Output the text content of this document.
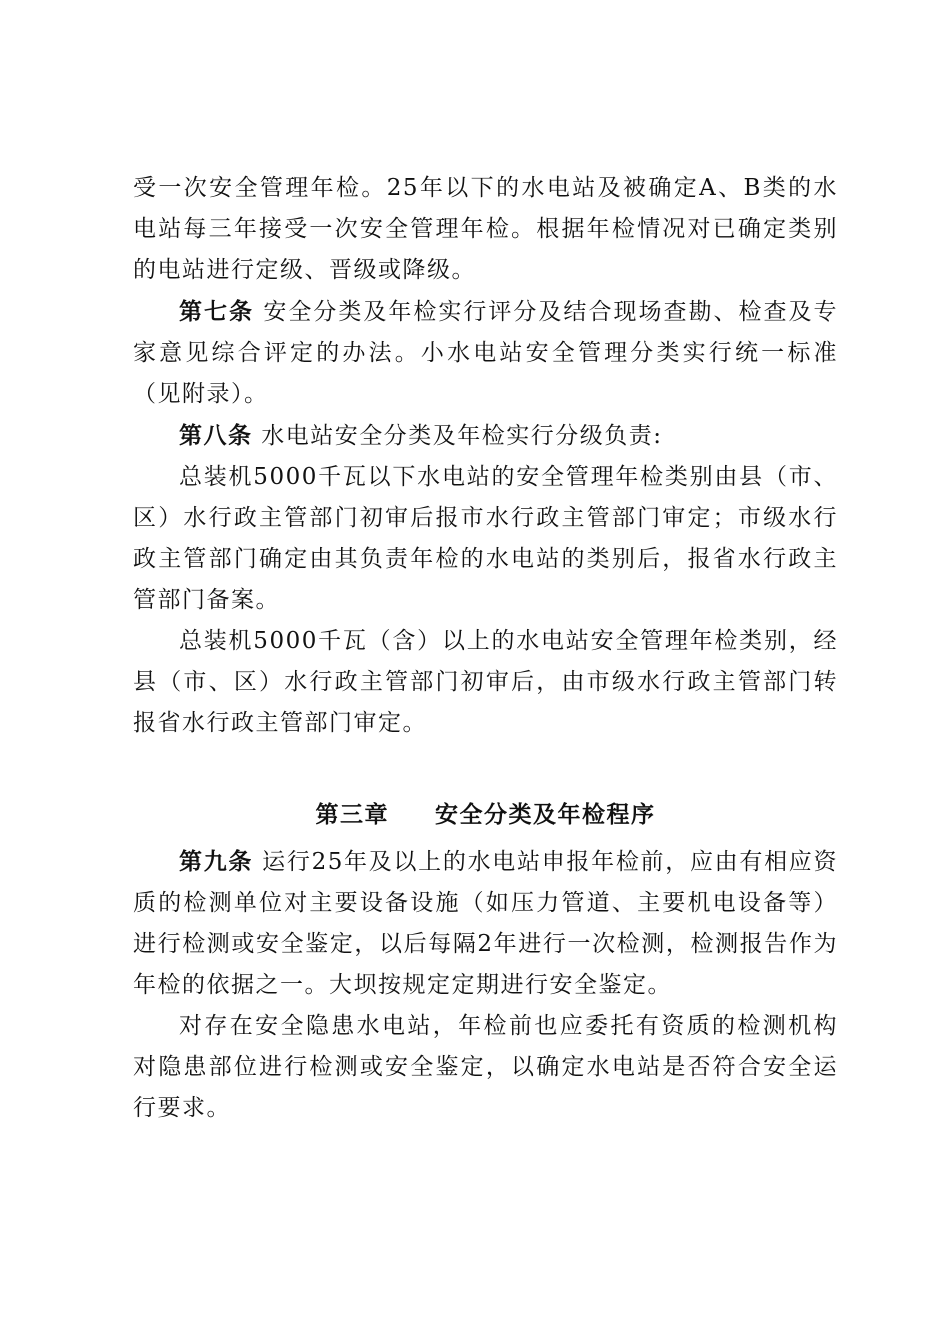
受一次安全管理年检。25年以下的水电站及被确定A、B类的水电站每三年接受一次安全管理年检。根据年检情况对已确定类别的电站进行定级、晋级或降级。

第七条 安全分类及年检实行评分及结合现场查勘、检查及专家意见综合评定的办法。小水电站安全管理分类实行统一标准（见附录）。

第八条 水电站安全分类及年检实行分级负责:

总装机5000千瓦以下水电站的安全管理年检类别由县（市、区）水行政主管部门初审后报市水行政主管部门审定；市级水行政主管部门确定由其负责年检的水电站的类别后，报省水行政主管部门备案。

总装机5000千瓦（含）以上的水电站安全管理年检类别，经县（市、区）水行政主管部门初审后，由市级水行政主管部门转报省水行政主管部门审定。

第三章 安全分类及年检程序

第九条 运行25年及以上的水电站申报年检前，应由有相应资质的检测单位对主要设备设施（如压力管道、主要机电设备等）进行检测或安全鉴定，以后每隔2年进行一次检测，检测报告作为年检的依据之一。大坝按规定定期进行安全鉴定。

对存在安全隐患水电站，年检前也应委托有资质的检测机构对隐患部位进行检测或安全鉴定，以确定水电站是否符合安全运行要求。
